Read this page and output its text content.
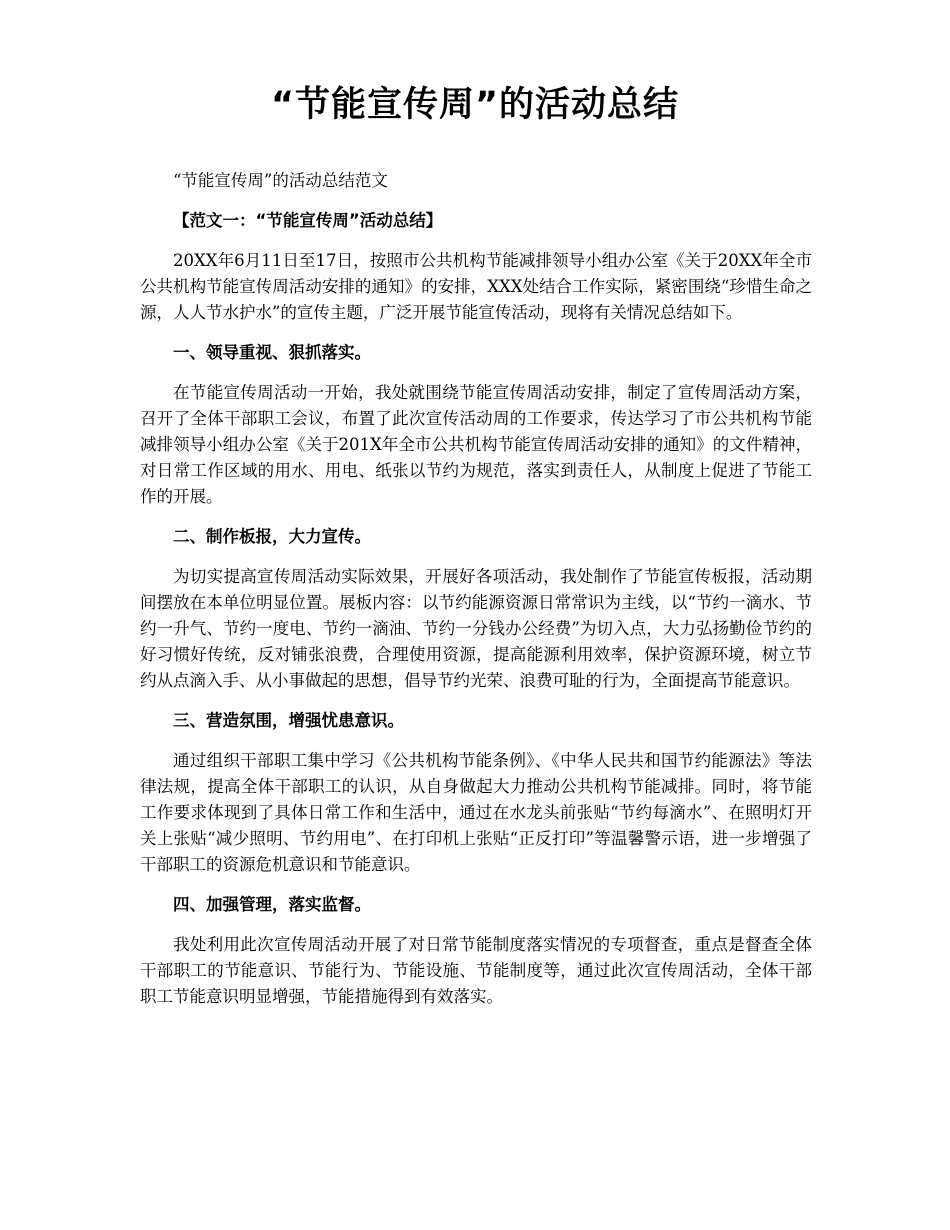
“节能宣传周”的活动总结

“节能宣传周”的活动总结范文

【范文一：“节能宣传周”活动总结】

20XX年6月11日至17日，按照市公共机构节能减排领导小组办公室《关于20XX年全市公共机构节能宣传周活动安排的通知》的安排，XXX处结合工作实际，紧密围绕“珍惜生命之源，人人节水护水”的宣传主题，广泛开展节能宣传活动，现将有关情况总结如下。

一、领导重视、狠抓落实。

在节能宣传周活动一开始，我处就围绕节能宣传周活动安排，制定了宣传周活动方案，召开了全体干部职工会议，布置了此次宣传活动周的工作要求，传达学习了市公共机构节能减排领导小组办公室《关于201X年全市公共机构节能宣传周活动安排的通知》的文件精神，对日常工作区域的用水、用电、纸张以节约为规范，落实到责任人，从制度上促进了节能工作的开展。

二、制作板报，大力宣传。

为切实提高宣传周活动实际效果，开展好各项活动，我处制作了节能宣传板报，活动期间摆放在本单位明显位置。展板内容：以节约能源资源日常常识为主线，以“节约一滴水、节约一升气、节约一度电、节约一滴油、节约一分钱办公经费”为切入点，大力弘扬勤俭节约的好习惯好传统，反对铺张浪费，合理使用资源，提高能源利用效率，保护资源环境，树立节约从点滴入手、从小事做起的思想，倡导节约光荣、浪费可耻的行为，全面提高节能意识。

三、营造氛围，增强忧患意识。

通过组织干部职工集中学习《公共机构节能条例》、《中华人民共和国节约能源法》等法律法规，提高全体干部职工的认识，从自身做起大力推动公共机构节能减排。同时，将节能工作要求体现到了具体日常工作和生活中，通过在水龙头前张贴“节约每滴水”、在照明灯开关上张贴“减少照明、节约用电”、在打印机上张贴“正反打印”等温馨警示语，进一步增强了干部职工的资源危机意识和节能意识。

四、加强管理，落实监督。

我处利用此次宣传周活动开展了对日常节能制度落实情况的专项督查，重点是督查全体干部职工的节能意识、节能行为、节能设施、节能制度等，通过此次宣传周活动，全体干部职工节能意识明显增强，节能措施得到有效落实。
